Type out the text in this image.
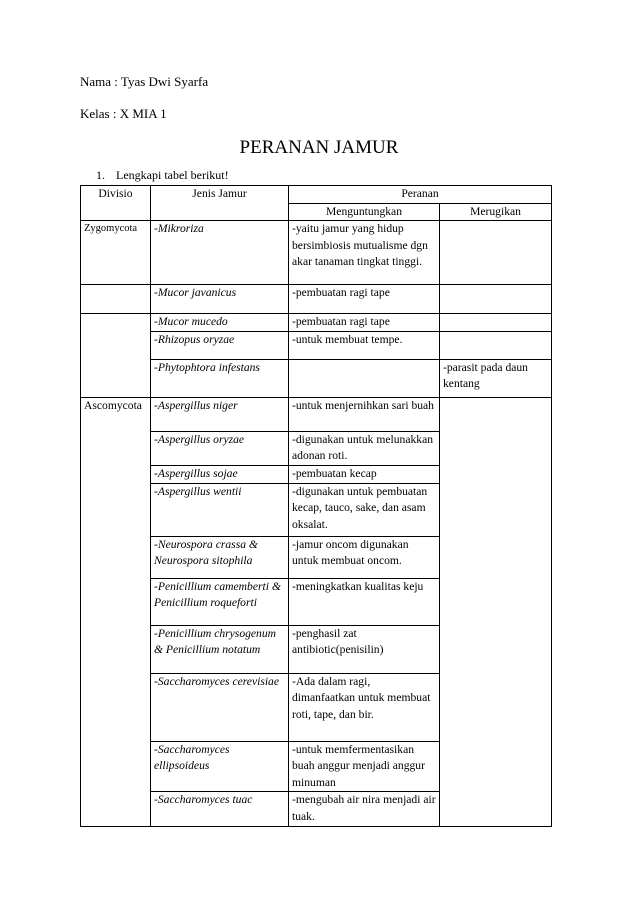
Nama : Tyas Dwi Syarfa
Kelas : X MIA 1
PERANAN JAMUR
1. Lengkapi tabel berikut!
Divisio	Jenis Jamur	Peranan	
		Menguntungkan	Merugikan
Zygomycota	-Mikroriza	-yaitu jamur yang hidup bersimbiosis mutualisme dgn akar tanaman tingkat tinggi.	
	-Mucor javanicus	-pembuatan ragi tape	
	-Mucor mucedo	-pembuatan ragi tape	
	-Rhizopus oryzae	-untuk membuat tempe.	
	-Phytophtora infestans		-parasit pada daun kentang
Ascomycota	-Aspergillus niger	-untuk menjernihkan sari buah	
	-Aspergillus oryzae	-digunakan untuk melunakkan adonan roti.	
	-Aspergillus sojae	-pembuatan kecap	
	-Aspergillus wentii	-digunakan untuk pembuatan kecap, tauco, sake, dan asam oksalat.	
	-Neurospora crassa & Neurospora sitophila	-jamur oncom digunakan untuk membuat oncom.	
	-Penicillium camemberti & Penicillium roqueforti	-meningkatkan kualitas keju	
	-Penicillium chrysogenum & Penicillium notatum	-penghasil zat antibiotic(penisilin)	
	-Saccharomyces cerevisiae	-Ada dalam ragi, dimanfaatkan untuk membuat roti, tape, dan bir.	
	-Saccharomyces ellipsoideus	-untuk memfermentasikan buah anggur menjadi anggur minuman	
	-Saccharomyces tuac	-mengubah air nira menjadi air tuak.	
